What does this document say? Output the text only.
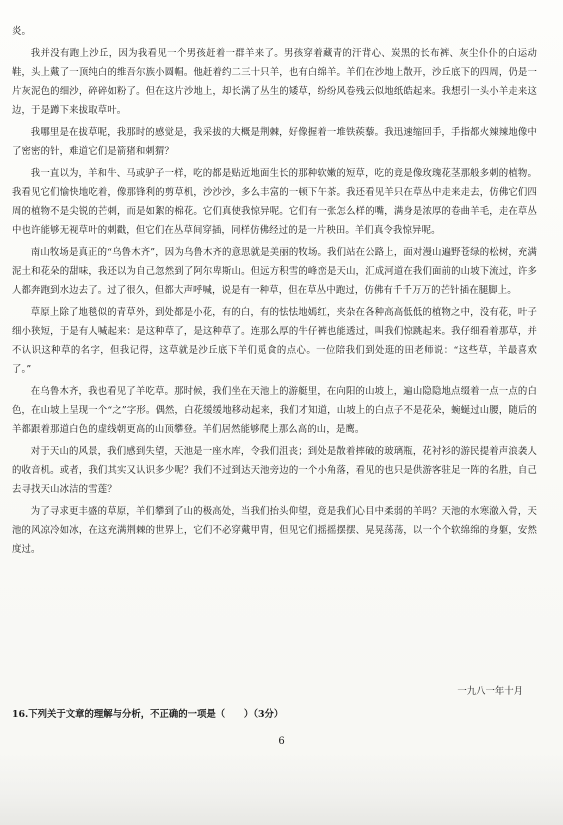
炎。

我并没有跑上沙丘，因为我看见一个男孩赶着一群羊来了。男孩穿着藏青的汗背心、炭黑的长布裤、灰尘仆仆的白运动鞋，头上戴了一顶纯白的维吾尔族小圆帽。他赶着约二三十只羊，也有白绵羊。羊们在沙地上散开，沙丘底下的四周，仍是一片灰泥色的细沙，碎碎如粉了。但在这片沙地上，却长满了丛生的矮草，纷纷风卷残云似地纸皓起来。我想引一头小羊走来这边，于是蹲下来拔取草叶。

我哪里是在拔草呢，我那时的感觉是，我采拔的大概是荆棘，好像握着一堆铁蒺藜。我迅速缩回手，手指都火辣辣地像中了密密的针，难道它们是箭猪和刺猬？

我一直以为，羊和牛、马或驴子一样，吃的都是贴近地面生长的那种软嫩的短草，吃的竟是像玫瑰花茎那般多刺的植物。我看见它们愉快地吃着，像那锋利的剪草机，沙沙沙，多么丰富的一顿下午茶。我还看见羊只在草丛中走来走去，仿佛它们四周的植物不是尖锐的芒刺，而是如絮的棉花。它们真使我惊异呢。它们有一张怎么样的嘴，满身是浓厚的卷曲羊毛，走在草丛中也许能够无视草叶的刺戳，但它们在丛草间穿插，同样仿佛经过的是一片秧田。羊们真令我惊异呢。

南山牧场是真正的“乌鲁木齐”，因为乌鲁木齐的意思就是美丽的牧场。我们站在公路上，面对漫山遍野苍绿的松树，充满泥土和花朵的甜味，我还以为自己忽然到了阿尔卑斯山。但远方积雪的峰峦是天山，汇成河道在我们面前的山坡下流过，许多人都奔跑到水边去了。过了很久，但都大声呼喊，说是有一种草，但在草丛中跑过，仿佛有千千万万的芒针插在腿脚上。

草原上除了地毯似的青草外，到处都是小花，有的白，有的怯怯地嫣红，夹杂在各种高高低低的植物之中，没有花，叶子细小狭短，于是有人喊起来：是这种草了，是这种草了。连那么厚的牛仔裤也能透过，叫我们惊跳起来。我仔细看着那草，并不认识这种草的名字，但我记得，这草就是沙丘底下羊们觅食的点心。一位陪我们到处逛的田老师说：“这些草，羊最喜欢了。”

在乌鲁木齐，我也看见了羊吃草。那时候，我们坐在天池上的游艇里，在向阳的山坡上，遍山隐隐地点缀着一点一点的白色，在山坡上呈现一个“之”字形。偶然，白花缓缓地移动起来，我们才知道，山坡上的白点子不是花朵，蜿蜒过山腰，随后的羊都跟着那道白色的虚线朝更高的山顶攀登。羊们居然能够爬上那么高的山，是鹰。

对于天山的风景，我们感到失望，天池是一座水库，令我们沮丧；到处是散着摔破的玻璃瓶，花衬衫的游民提着声浪袭人的收音机。或者，我们其实又认识多少呢？我们不过到达天池旁边的一个小角落，看见的也只是供游客驻足一阵的名胜，自己去寻找天山冰洁的雪莲？

为了寻求更丰盛的草原，羊们攀到了山的极高处，当我们抬头仰望，竟是我们心目中柔弱的羊吗？天池的水寒澈入骨，天池的风凉冷如冰，在这充满荆棘的世界上，它们不必穿戴甲胄，但见它们摇摇摆摆、晃晃荡荡，以一个个软绵绵的身躯，安然度过。

一九八一年十月
16.下列关于文章的理解与分析，不正确的一项是（　　）（3分）
6
